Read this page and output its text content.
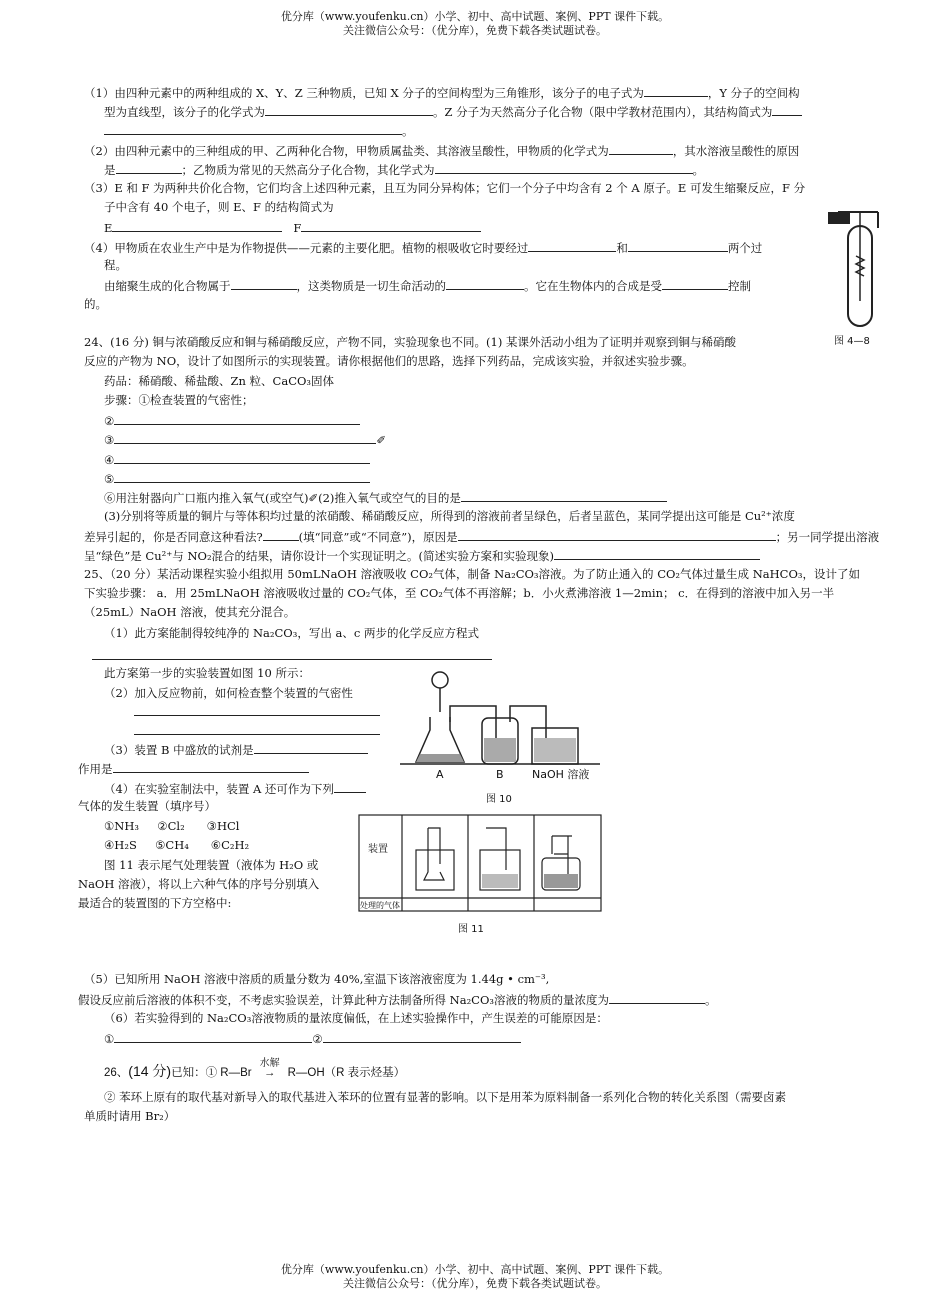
优分库（www.youfenku.cn）小学、初中、高中试题、案例、PPT 课件下载。
关注微信公众号：（优分库），免费下载各类试题试卷。
（1）由四种元素中的两种组成的 X、Y、Z 三种物质，已知 X 分子的空间构型为三角锥形，该分子的电子式为	，Y 分子的空间构
型为直线型，该分子的化学式为	。Z 分子为天然高分子化合物（限中学教材范围内），其结构简式为
。
（2）由四种元素中的三种组成的甲、乙两种化合物，甲物质属盐类、其溶液呈酸性，甲物质的化学式为	，其水溶液呈酸性的原因
是	；乙物质为常见的天然高分子化合物，其化学式为	。
（3）E 和 F 为两种共价化合物，它们均含上述四种元素，且互为同分异构体；它们一个分子中均含有 2 个 A 原子。E 可发生缩聚反应，F 分
子中含有 40 个电子，则 E、F 的结构简式为
E	F
（4）甲物质在农业生产中是为作物提供——元素的主要化肥。植物的根吸收它时要经过	和	两个过
程。
由缩聚生成的化合物属于	，这类物质是一切生命活动的	。它在生物体内的合成是受	控制
的。
图 4—8
24、(16 分) 铜与浓硝酸反应和铜与稀硝酸反应，产物不同，实验现象也不同。(1) 某课外活动小组为了证明并观察到铜与稀硝酸
反应的产物为 NO，设计了如图所示的实现装置。请你根据他们的思路，选择下列药品，完成该实验，并叙述实验步骤。
药品：稀硝酸、稀盐酸、Zn 粒、CaCO₃固体
步骤：①检查装置的气密性；
②
③	✐
④
⑤
⑥用注射器向广口瓶内推入氧气(或空气)✐(2)推入氧气或空气的目的是
(3)分别将等质量的铜片与等体积均过量的浓硝酸、稀硝酸反应，所得到的溶液前者呈绿色，后者呈蓝色，某同学提出这可能是 Cu²⁺浓度
差异引起的，你是否同意这种看法?	(填“同意”或“不同意”)，原因是	；另一同学提出溶液
呈“绿色”是 Cu²⁺与 NO₂混合的结果，请你设计一个实现证明之。(简述实验方案和实验现象)
25、（20 分）某活动课程实验小组拟用 50mLNaOH 溶液吸收 CO₂气体，制备 Na₂CO₃溶液。为了防止通入的 CO₂气体过量生成 NaHCO₃，设计了如
下实验步骤： a．用 25mLNaOH 溶液吸收过量的 CO₂气体，至 CO₂气体不再溶解；b．小火煮沸溶液 1—2min； c．在得到的溶液中加入另一半
（25mL）NaOH 溶液，使其充分混合。
（1）此方案能制得较纯净的 Na₂CO₃，写出 a、c 两步的化学反应方程式
此方案第一步的实验装置如图 10 所示：
（2）加入反应物前，如何检查整个装置的气密性
（3）装置 B 中盛放的试剂是
作用是
（4）在实验室制法中，装置 A 还可作为下列
气体的发生装置（填序号）
①NH₃ ②Cl₂ ③HCl
④H₂S ⑤CH₄ ⑥C₂H₂
图 11 表示尾气处理装置（液体为 H₂O 或
NaOH 溶液），将以上六种气体的序号分别填入
最适合的装置图的下方空格中:
A	B	NaOH 溶液
图 10
装置
处理的气体
图 11
（5）已知所用 NaOH 溶液中溶质的质量分数为 40%,室温下该溶液密度为 1.44g • cm⁻³,
假设反应前后溶液的体积不变，不考虑实验误差，计算此种方法制备所得 Na₂CO₃溶液的物质的量浓度为	。
（6）若实验得到的 Na₂CO₃溶液物质的量浓度偏低，在上述实验操作中，产生误差的可能原因是：
①	②
26、(14 分)已知：① R—Br
水解
→ R—OH（R 表示烃基）
② 苯环上原有的取代基对新导入的取代基进入苯环的位置有显著的影响。以下是用苯为原料制备一系列化合物的转化关系图（需要卤素
单质时请用 Br₂）
优分库（www.youfenku.cn）小学、初中、高中试题、案例、PPT 课件下载。
关注微信公众号：（优分库），免费下载各类试题试卷。
